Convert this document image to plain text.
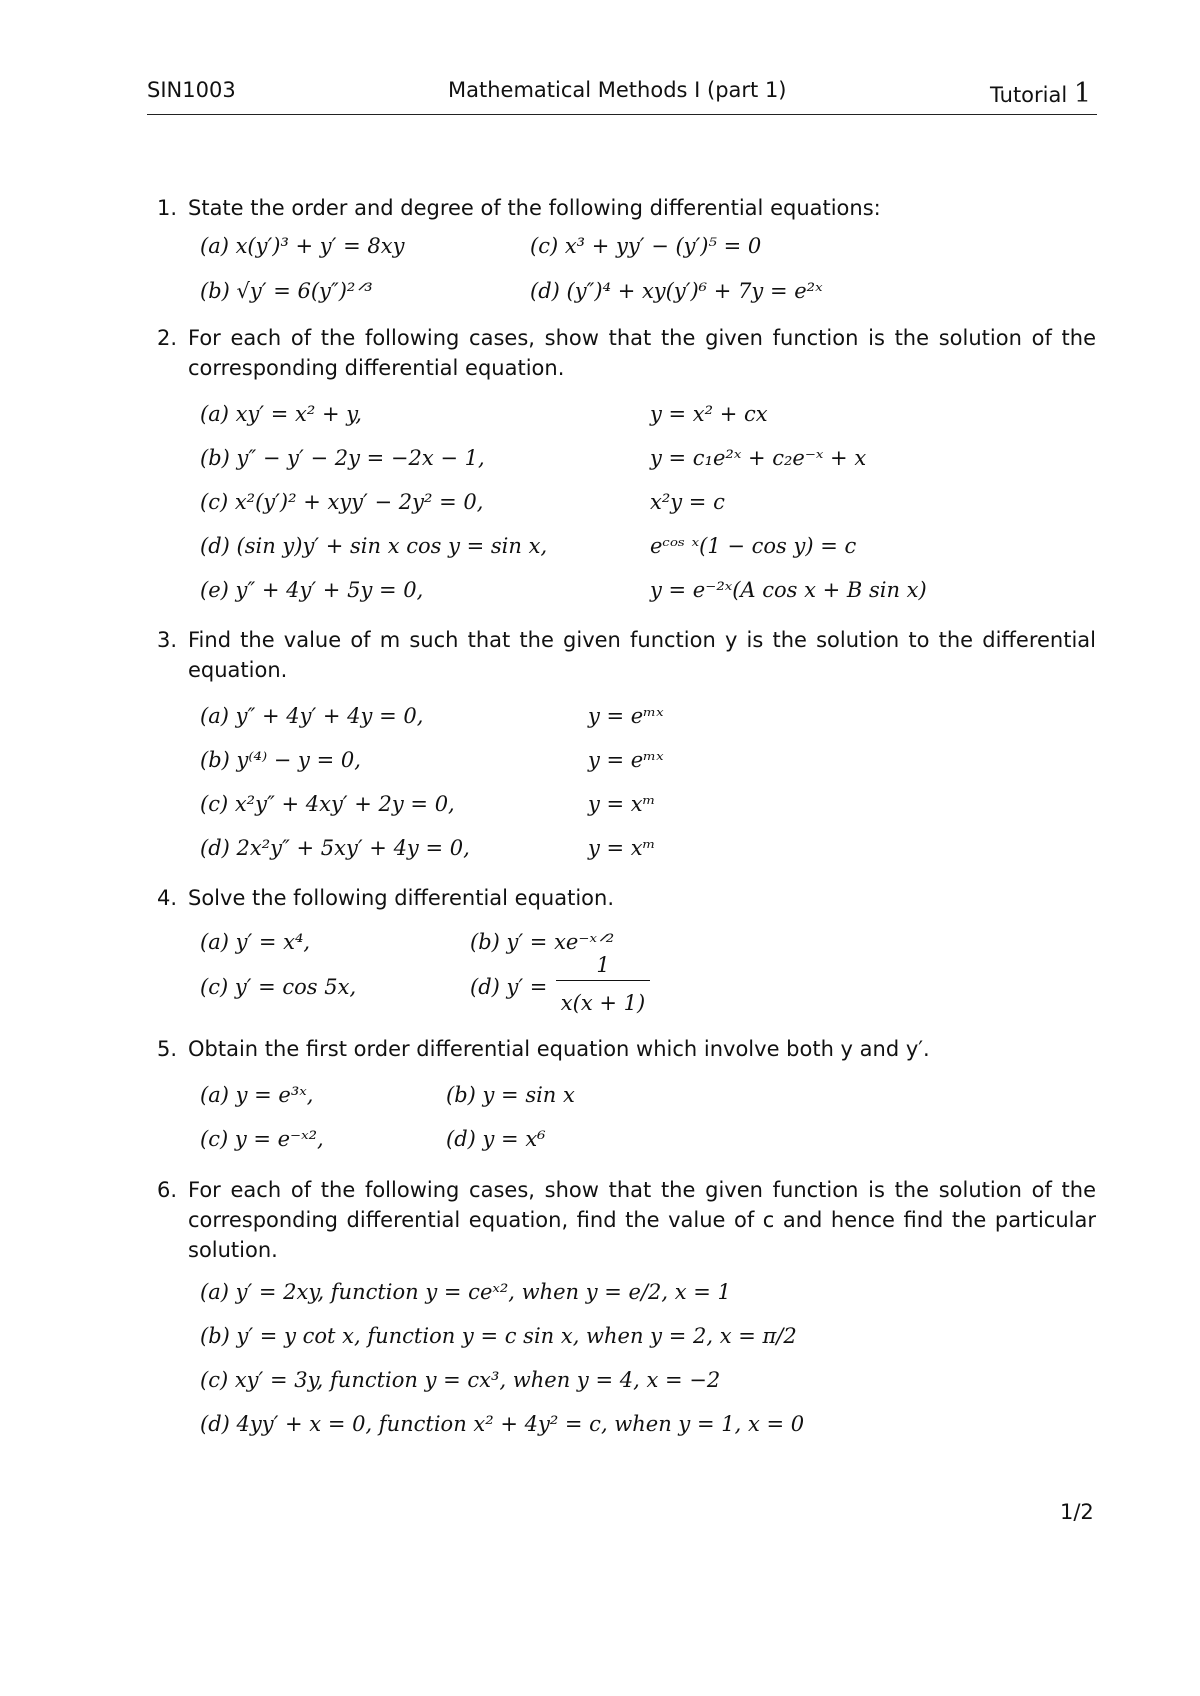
SIN1003	Mathematical Methods I (part 1)	Tutorial 1
1. State the order and degree of the following differential equations:
(a) x(y′)³ + y′ = 8xy	(c) x³ + yy′ − (y′)⁵ = 0
(b) √y′ = 6(y″)²ᐟ³	(d) (y″)⁴ + xy(y′)⁶ + 7y = e²ˣ
2. For each of the following cases, show that the given function is the solution of the corresponding differential equation.
(a) xy′ = x² + y,	y = x² + cx
(b) y″ − y′ − 2y = −2x − 1,	y = c₁e²ˣ + c₂e⁻ˣ + x
(c) x²(y′)² + xyy′ − 2y² = 0,	x²y = c
(d) (sin y)y′ + sin x cos y = sin x,	eᶜᵒˢ ˣ(1 − cos y) = c
(e) y″ + 4y′ + 5y = 0,	y = e⁻²ˣ(A cos x + B sin x)
3. Find the value of m such that the given function y is the solution to the differential equation.
(a) y″ + 4y′ + 4y = 0,	y = eᵐˣ
(b) y⁽⁴⁾ − y = 0,	y = eᵐˣ
(c) x²y″ + 4xy′ + 2y = 0,	y = xᵐ
(d) 2x²y″ + 5xy′ + 4y = 0,	y = xᵐ
4. Solve the following differential equation.
(a) y′ = x⁴,	(b) y′ = xe⁻ˣᐟ²
(c) y′ = cos 5x,	(d) y′ =
1
x(x + 1)
5. Obtain the first order differential equation which involve both y and y′.
(a) y = e³ˣ,	(b) y = sin x
(c) y = e⁻ˣ²,	(d) y = x⁶
6. For each of the following cases, show that the given function is the solution of the corresponding differential equation, find the value of c and hence find the particular solution.
(a) y′ = 2xy, function y = ceˣ², when y = e/2, x = 1
(b) y′ = y cot x, function y = c sin x, when y = 2, x = π/2
(c) xy′ = 3y, function y = cx³, when y = 4, x = −2
(d) 4yy′ + x = 0, function x² + 4y² = c, when y = 1, x = 0
1/2
